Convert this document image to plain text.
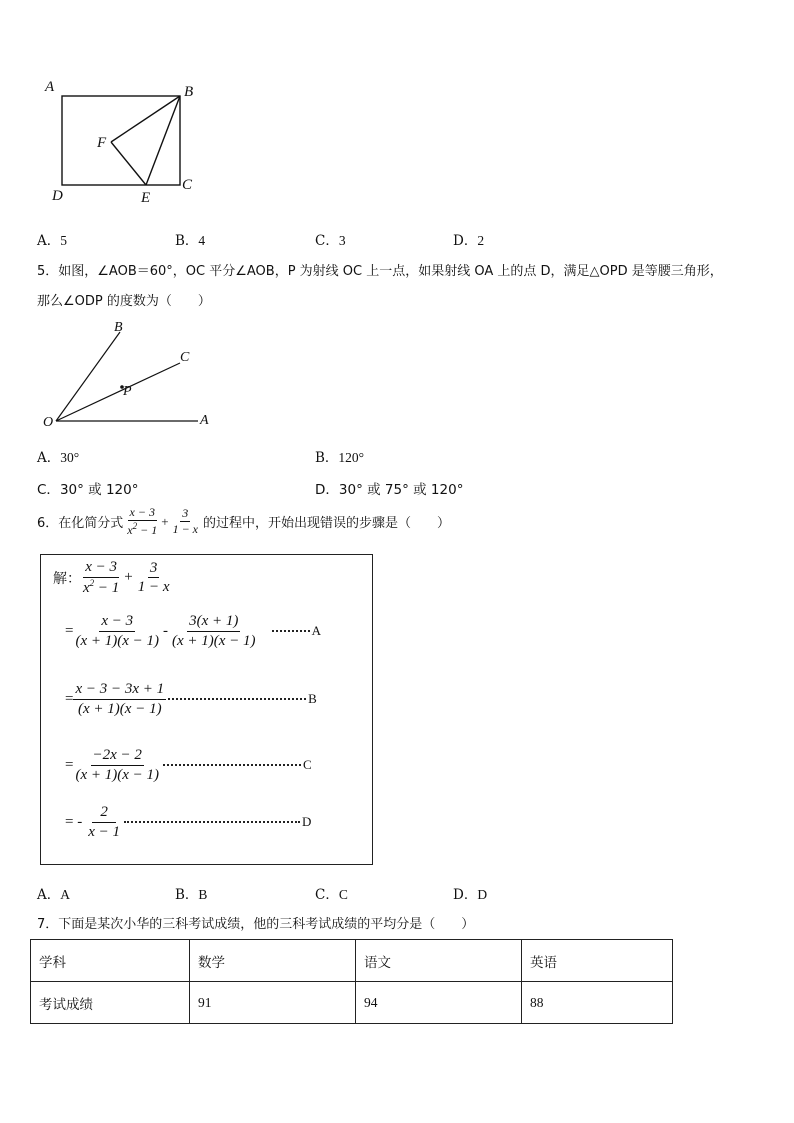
A	B
F
D	E
C
A．5	B．4	C．3	D．2
5．如图，∠AOB＝60°，OC 平分∠AOB，P 为射线 OC 上一点，如果射线 OA 上的点 D，满足△OPD 是等腰三角形，
那么∠ODP 的度数为（　　）
B
C
P
O	A
A．30°	B．120°
C．30° 或 120°	D．30° 或 75° 或 120°
6．在化简分式 $\frac{x - 3}{x^2 - 1} + \frac{3}{1 - x}$ 的过程中，开始出现错误的步骤是（　　）
解： $\frac{x - 3}{x^2 - 1} + \frac{3}{1 - x}$
= $\frac{x - 3}{(x + 1)(x - 1)} - \frac{3(x + 1)}{(x + 1)(x - 1)}$	A
= $\frac{x - 3 - 3x + 1}{(x + 1)(x - 1)}$	B
= $\frac{-2x - 2}{(x + 1)(x - 1)}$	C
= - $\frac{2}{x - 1}$	D
A．A	B．B	C．C	D．D
7．下面是某次小华的三科考试成绩，他的三科考试成绩的平均分是（　　）
学科	数学	语文	英语
考试成绩	91	94	88
